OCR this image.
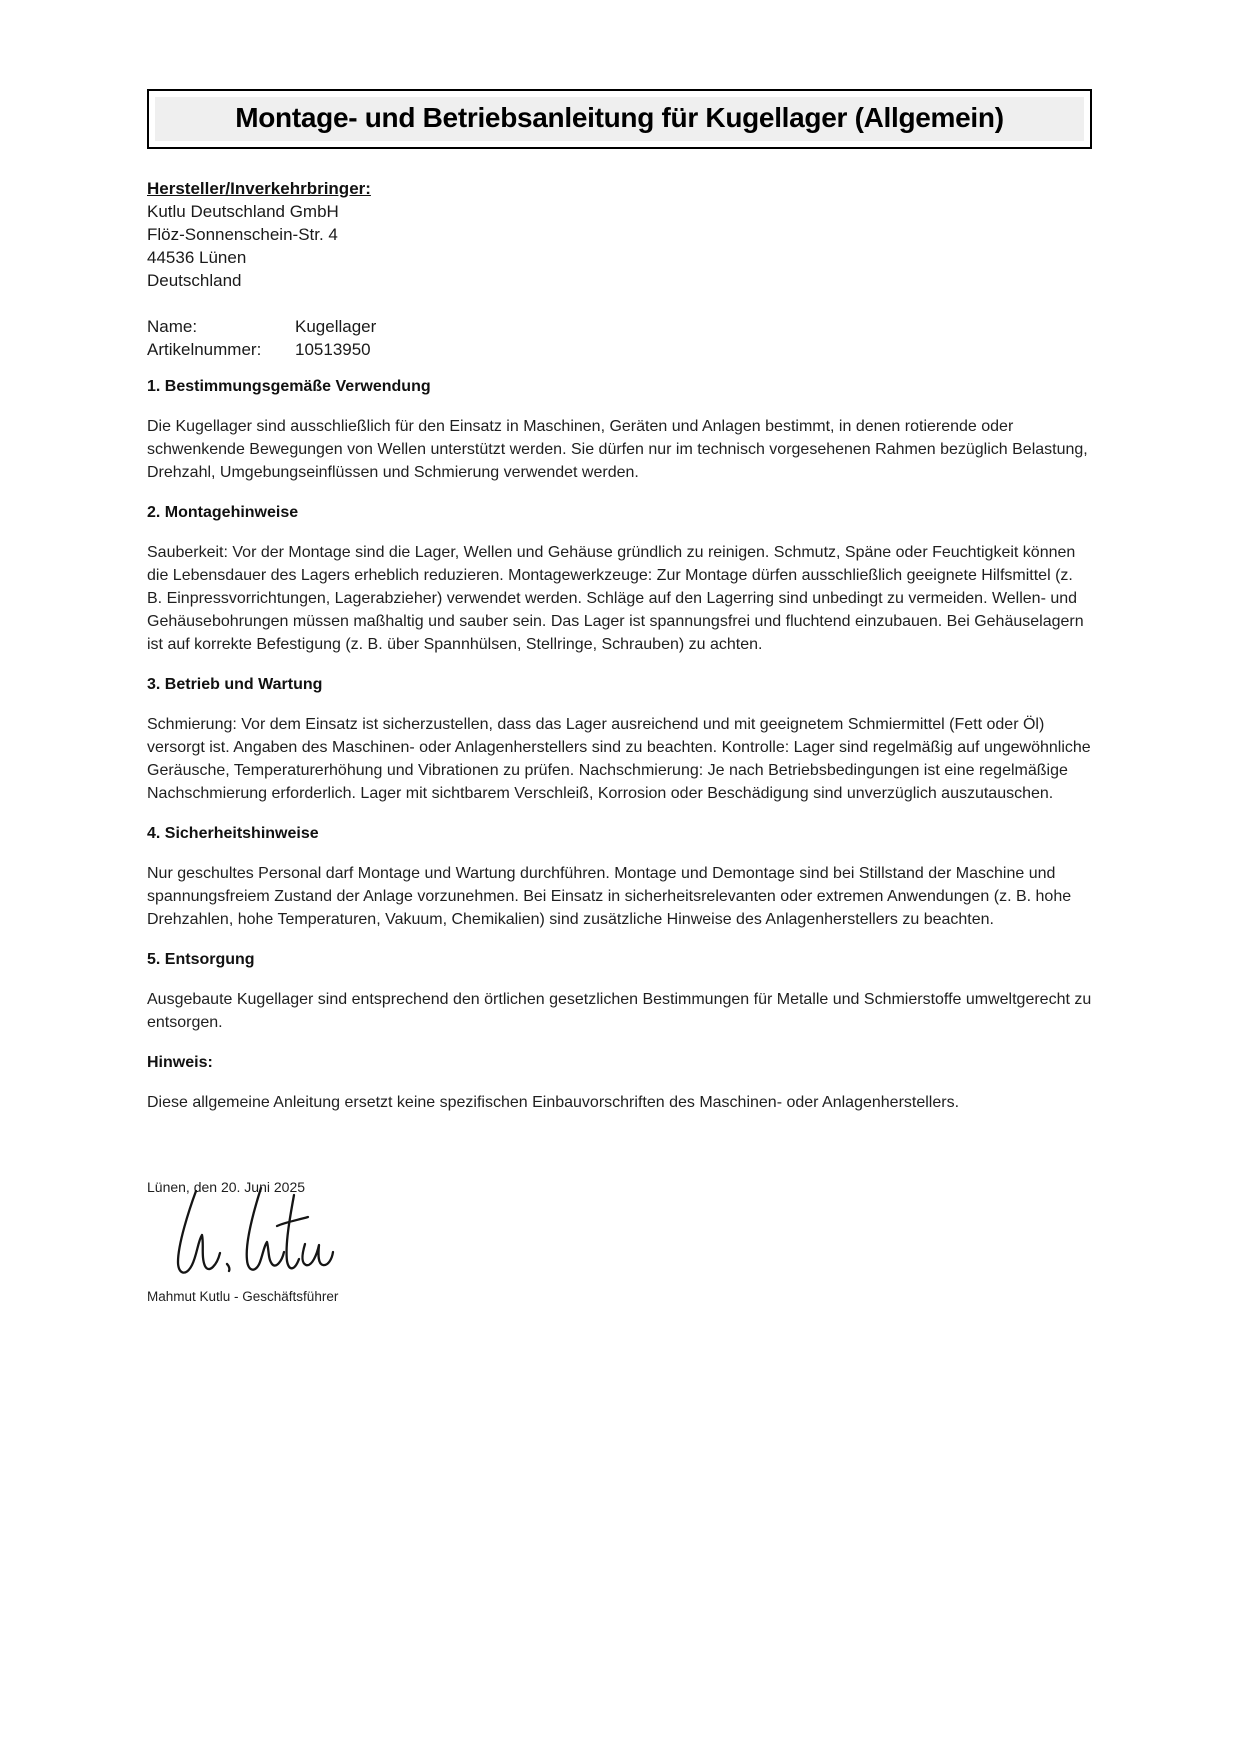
Montage- und Betriebsanleitung für Kugellager (Allgemein)

Hersteller/Inverkehrbringer:

Kutlu Deutschland GmbH

Flöz-Sonnenschein-Str. 4

44536 Lünen

Deutschland

Name:	Kugellager
Artikelnummer: 10513950
1. Bestimmungsgemäße Verwendung

Die Kugellager sind ausschließlich für den Einsatz in Maschinen, Geräten und Anlagen bestimmt, in denen rotierende oder schwenkende Bewegungen von Wellen unterstützt werden. Sie dürfen nur im technisch vorgesehenen Rahmen bezüglich Belastung, Drehzahl, Umgebungseinflüssen und Schmierung verwendet werden.

2. Montagehinweise

Sauberkeit: Vor der Montage sind die Lager, Wellen und Gehäuse gründlich zu reinigen. Schmutz, Späne oder Feuchtigkeit können die Lebensdauer des Lagers erheblich reduzieren. Montagewerkzeuge: Zur Montage dürfen ausschließlich geeignete Hilfsmittel (z. B. Einpressvorrichtungen, Lagerabzieher) verwendet werden. Schläge auf den Lagerring sind unbedingt zu vermeiden. Wellen- und Gehäusebohrungen müssen maßhaltig und sauber sein. Das Lager ist spannungsfrei und fluchtend einzubauen. Bei Gehäuselagern ist auf korrekte Befestigung (z. B. über Spannhülsen, Stellringe, Schrauben) zu achten.

3. Betrieb und Wartung

Schmierung: Vor dem Einsatz ist sicherzustellen, dass das Lager ausreichend und mit geeignetem Schmiermittel (Fett oder Öl) versorgt ist. Angaben des Maschinen- oder Anlagenherstellers sind zu beachten. Kontrolle: Lager sind regelmäßig auf ungewöhnliche Geräusche, Temperaturerhöhung und Vibrationen zu prüfen. Nachschmierung: Je nach Betriebsbedingungen ist eine regelmäßige Nachschmierung erforderlich. Lager mit sichtbarem Verschleiß, Korrosion oder Beschädigung sind unverzüglich auszutauschen.

4. Sicherheitshinweise

Nur geschultes Personal darf Montage und Wartung durchführen. Montage und Demontage sind bei Stillstand der Maschine und spannungsfreiem Zustand der Anlage vorzunehmen. Bei Einsatz in sicherheitsrelevanten oder extremen Anwendungen (z. B. hohe Drehzahlen, hohe Temperaturen, Vakuum, Chemikalien) sind zusätzliche Hinweise des Anlagenherstellers zu beachten.

5. Entsorgung

Ausgebaute Kugellager sind entsprechend den örtlichen gesetzlichen Bestimmungen für Metalle und Schmierstoffe umweltgerecht zu entsorgen.

Hinweis:

Diese allgemeine Anleitung ersetzt keine spezifischen Einbauvorschriften des Maschinen- oder Anlagenherstellers.

Lünen, den 20. Juni 2025

Mahmut Kutlu - Geschäftsführer
